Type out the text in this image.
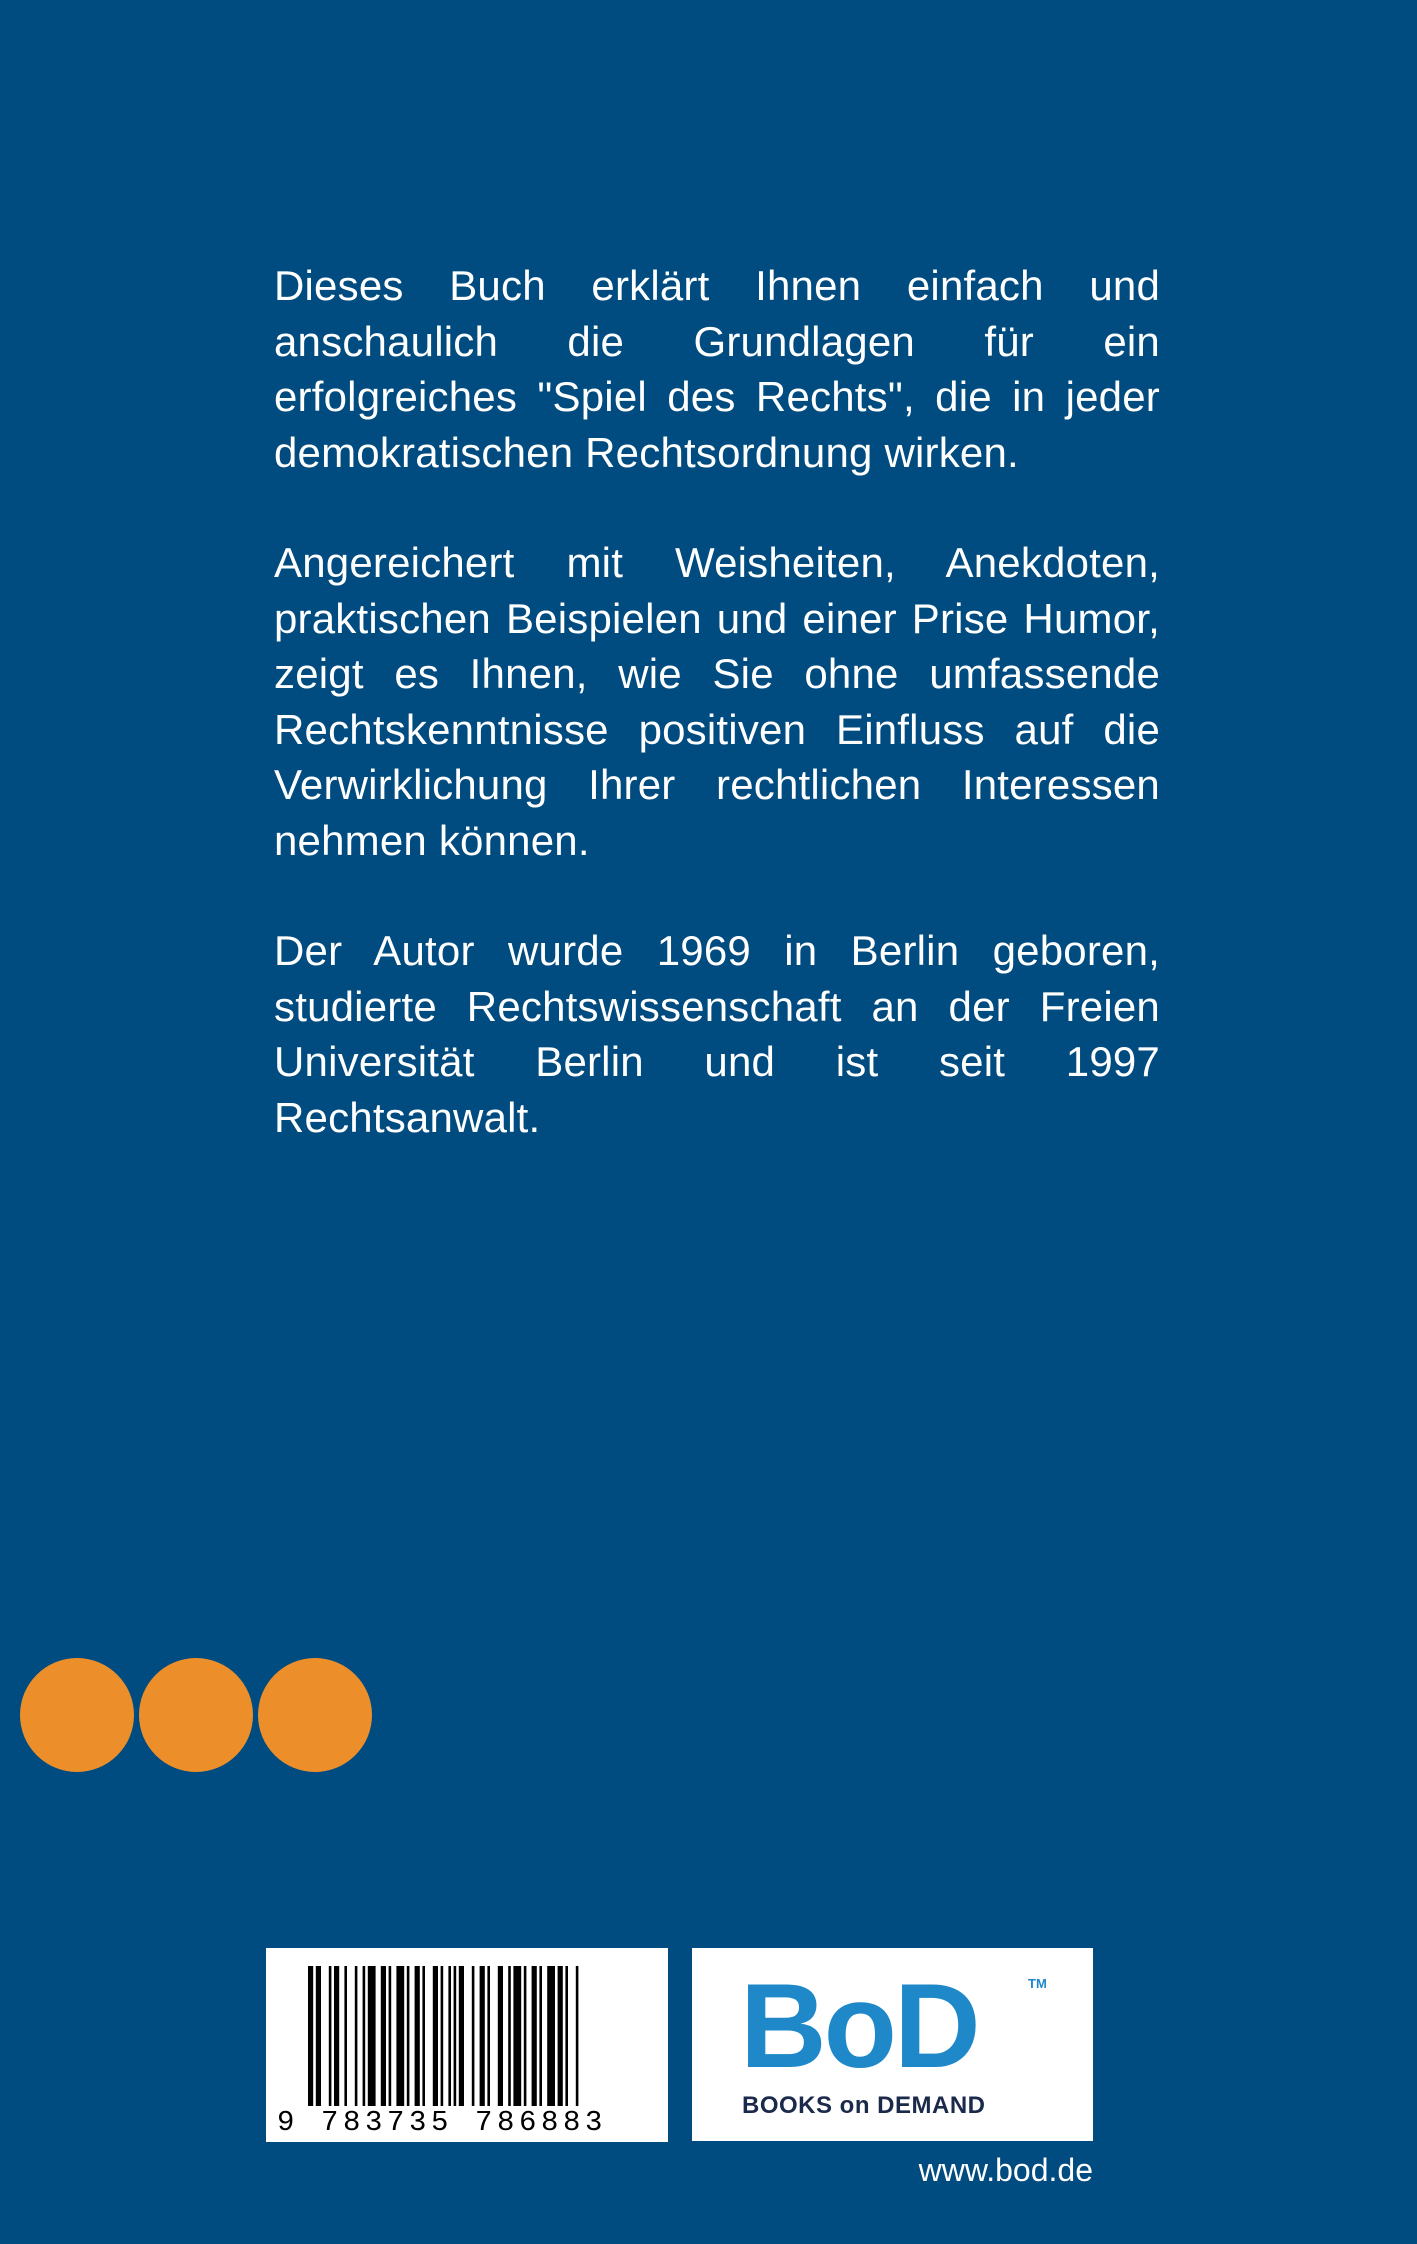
Dieses Buch erklärt Ihnen einfach und anschaulich die Grundlagen für ein erfolgreiches "Spiel des Rechts", die in jeder demokratischen Rechtsordnung wirken.

Angereichert mit Weisheiten, Anekdoten, praktischen Beispielen und einer Prise Humor, zeigt es Ihnen, wie Sie ohne umfassende Rechtskenntnisse positiven Einfluss auf die Verwirklichung Ihrer rechtlichen Interessen nehmen können.

Der Autor wurde 1969 in Berlin geboren, studierte Rechtswissenschaft an der Freien Universität Berlin und ist seit 1997 Rechtsanwalt.

9 783735 786883
BoD	TM
BOOKS on DEMAND
www.bod.de
